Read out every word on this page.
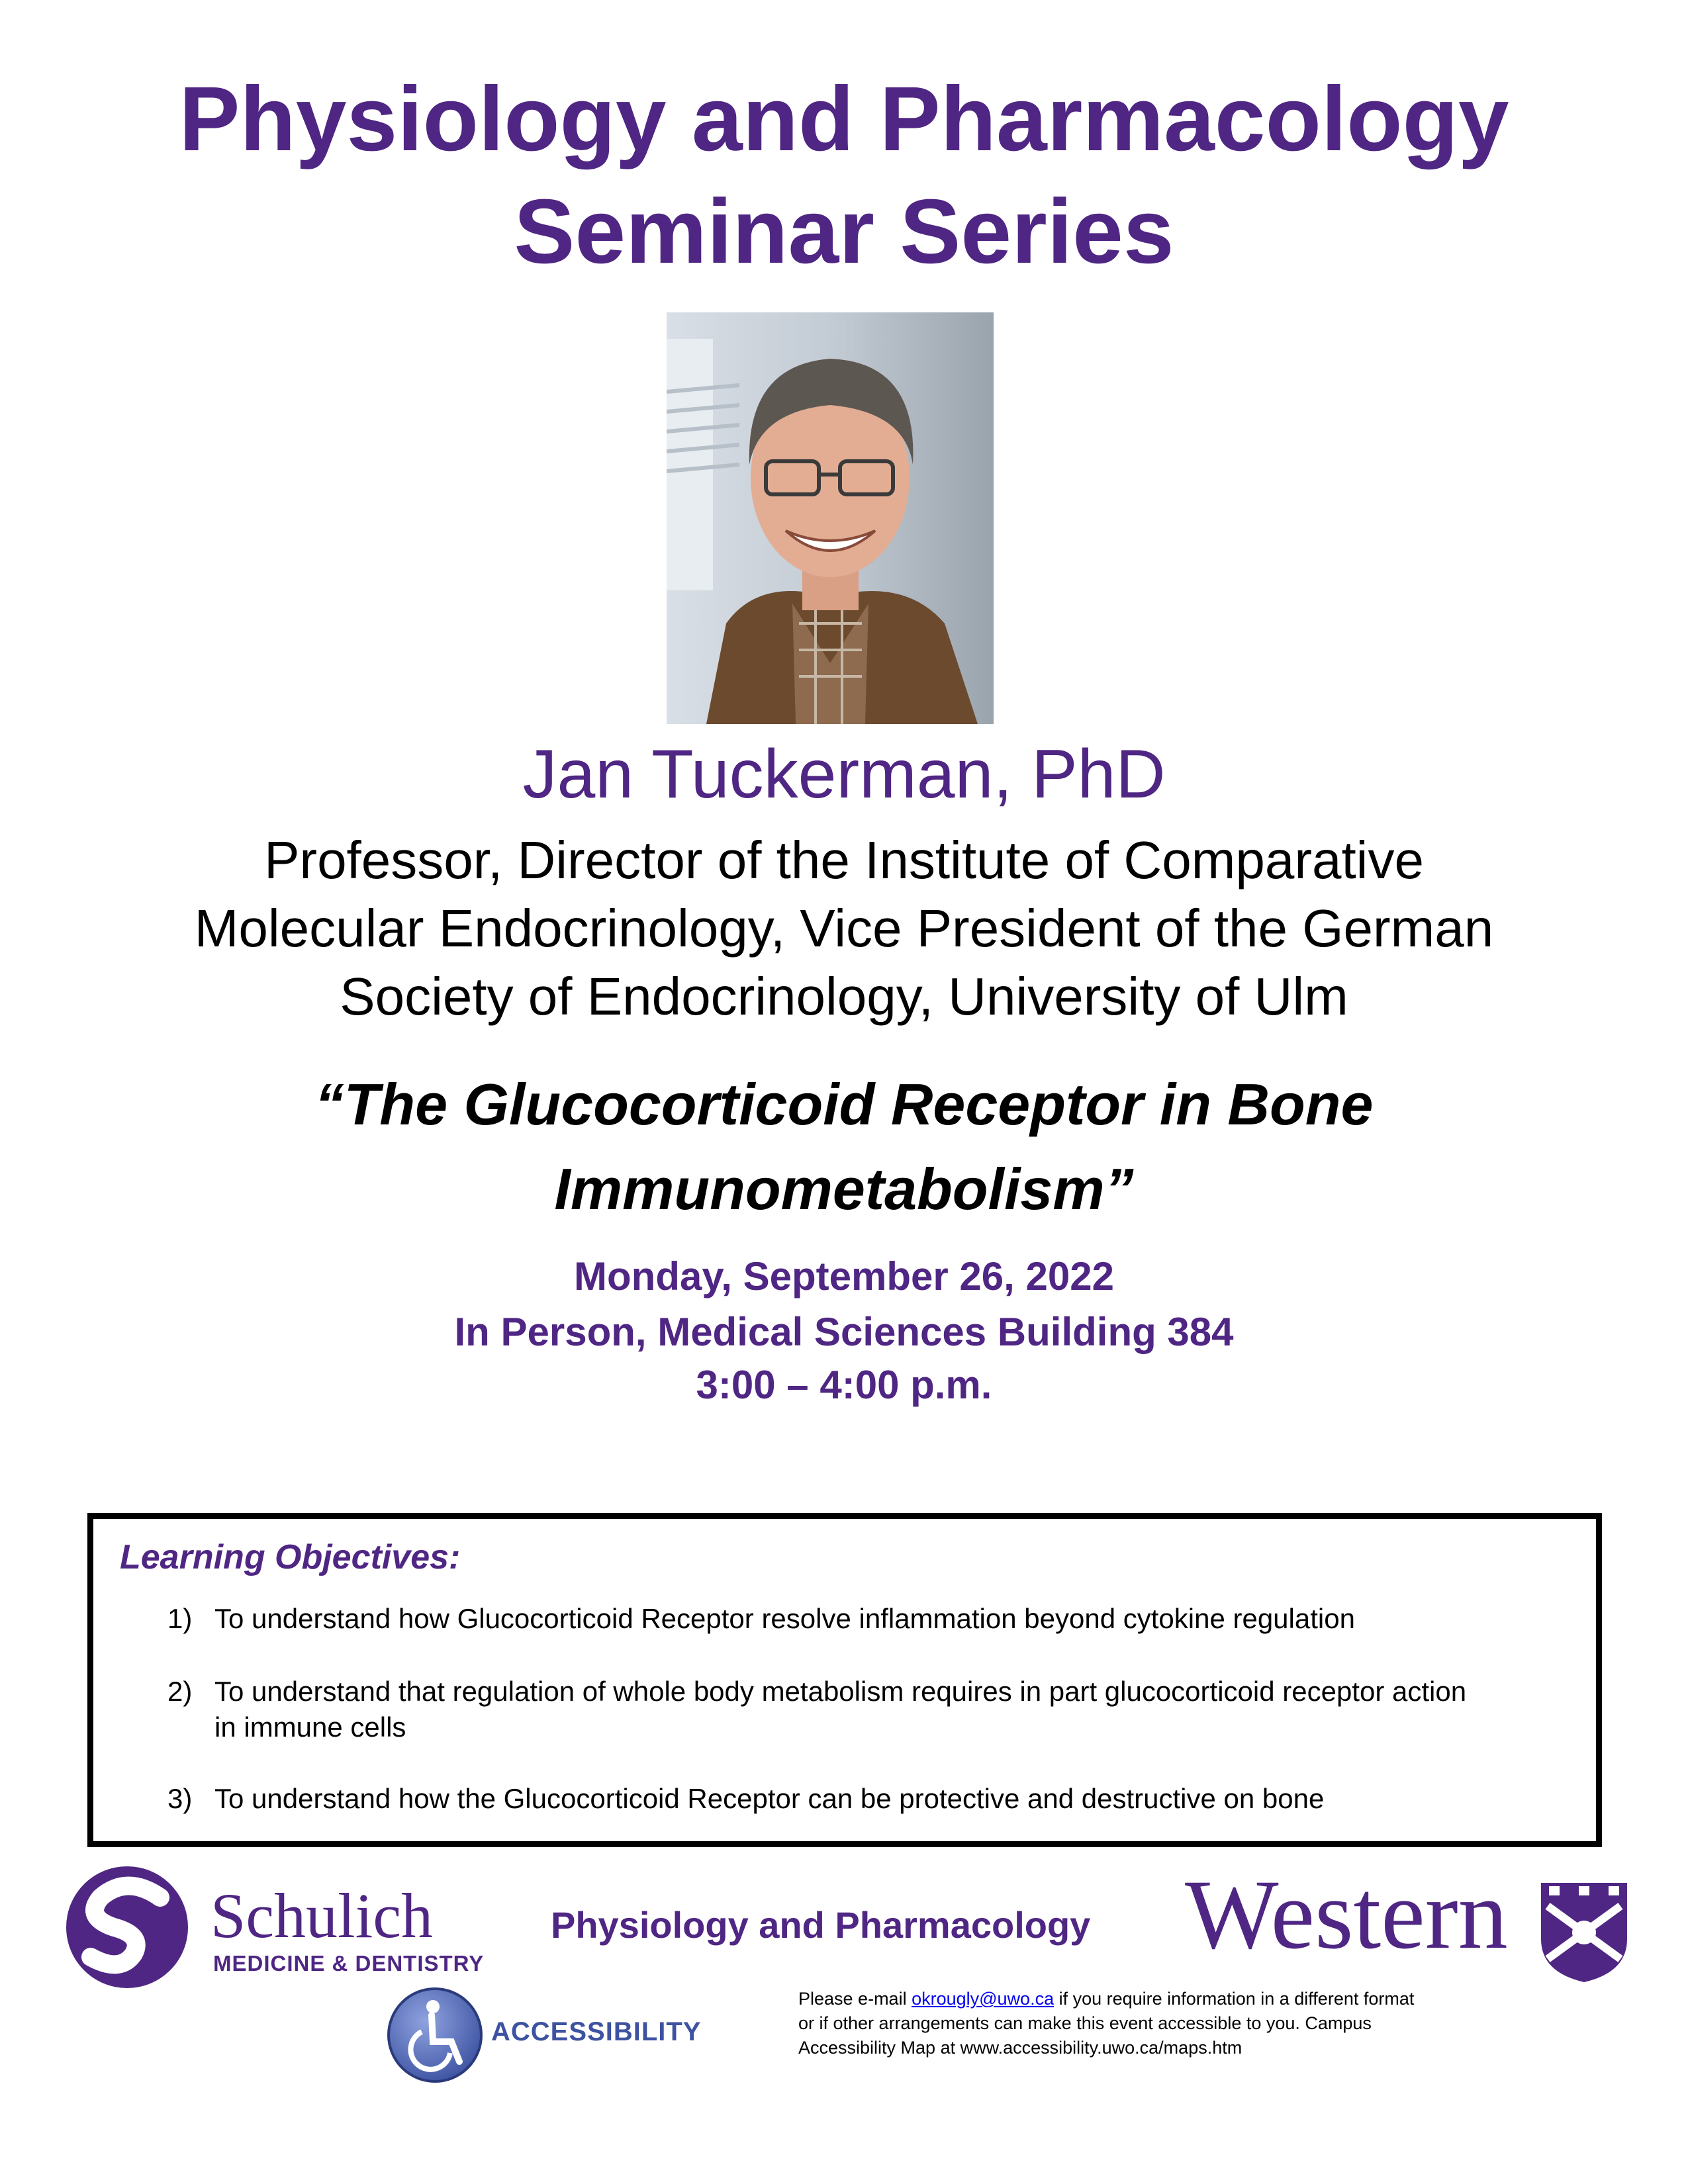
Physiology and Pharmacology
Seminar Series
Jan Tuckerman, PhD
Professor, Director of the Institute of Comparative
Molecular Endocrinology, Vice President of the German
Society of Endocrinology, University of Ulm
“The Glucocorticoid Receptor in Bone
Immunometabolism”
Monday, September 26, 2022
In Person, Medical Sciences Building 384
3:00 – 4:00 p.m.
Learning Objectives:
1) To understand how Glucocorticoid Receptor resolve inflammation beyond cytokine regulation
2) To understand that regulation of whole body metabolism requires in part glucocorticoid receptor action
in immune cells
3) To understand how the Glucocorticoid Receptor can be protective and destructive on bone
Schulich
MEDICINE & DENTISTRY
Physiology and Pharmacology Western
ACCESSIBILITY
Please e-mail okrougly@uwo.ca if you require information in a different format
or if other arrangements can make this event accessible to you. Campus
Accessibility Map at www.accessibility.uwo.ca/maps.htm
